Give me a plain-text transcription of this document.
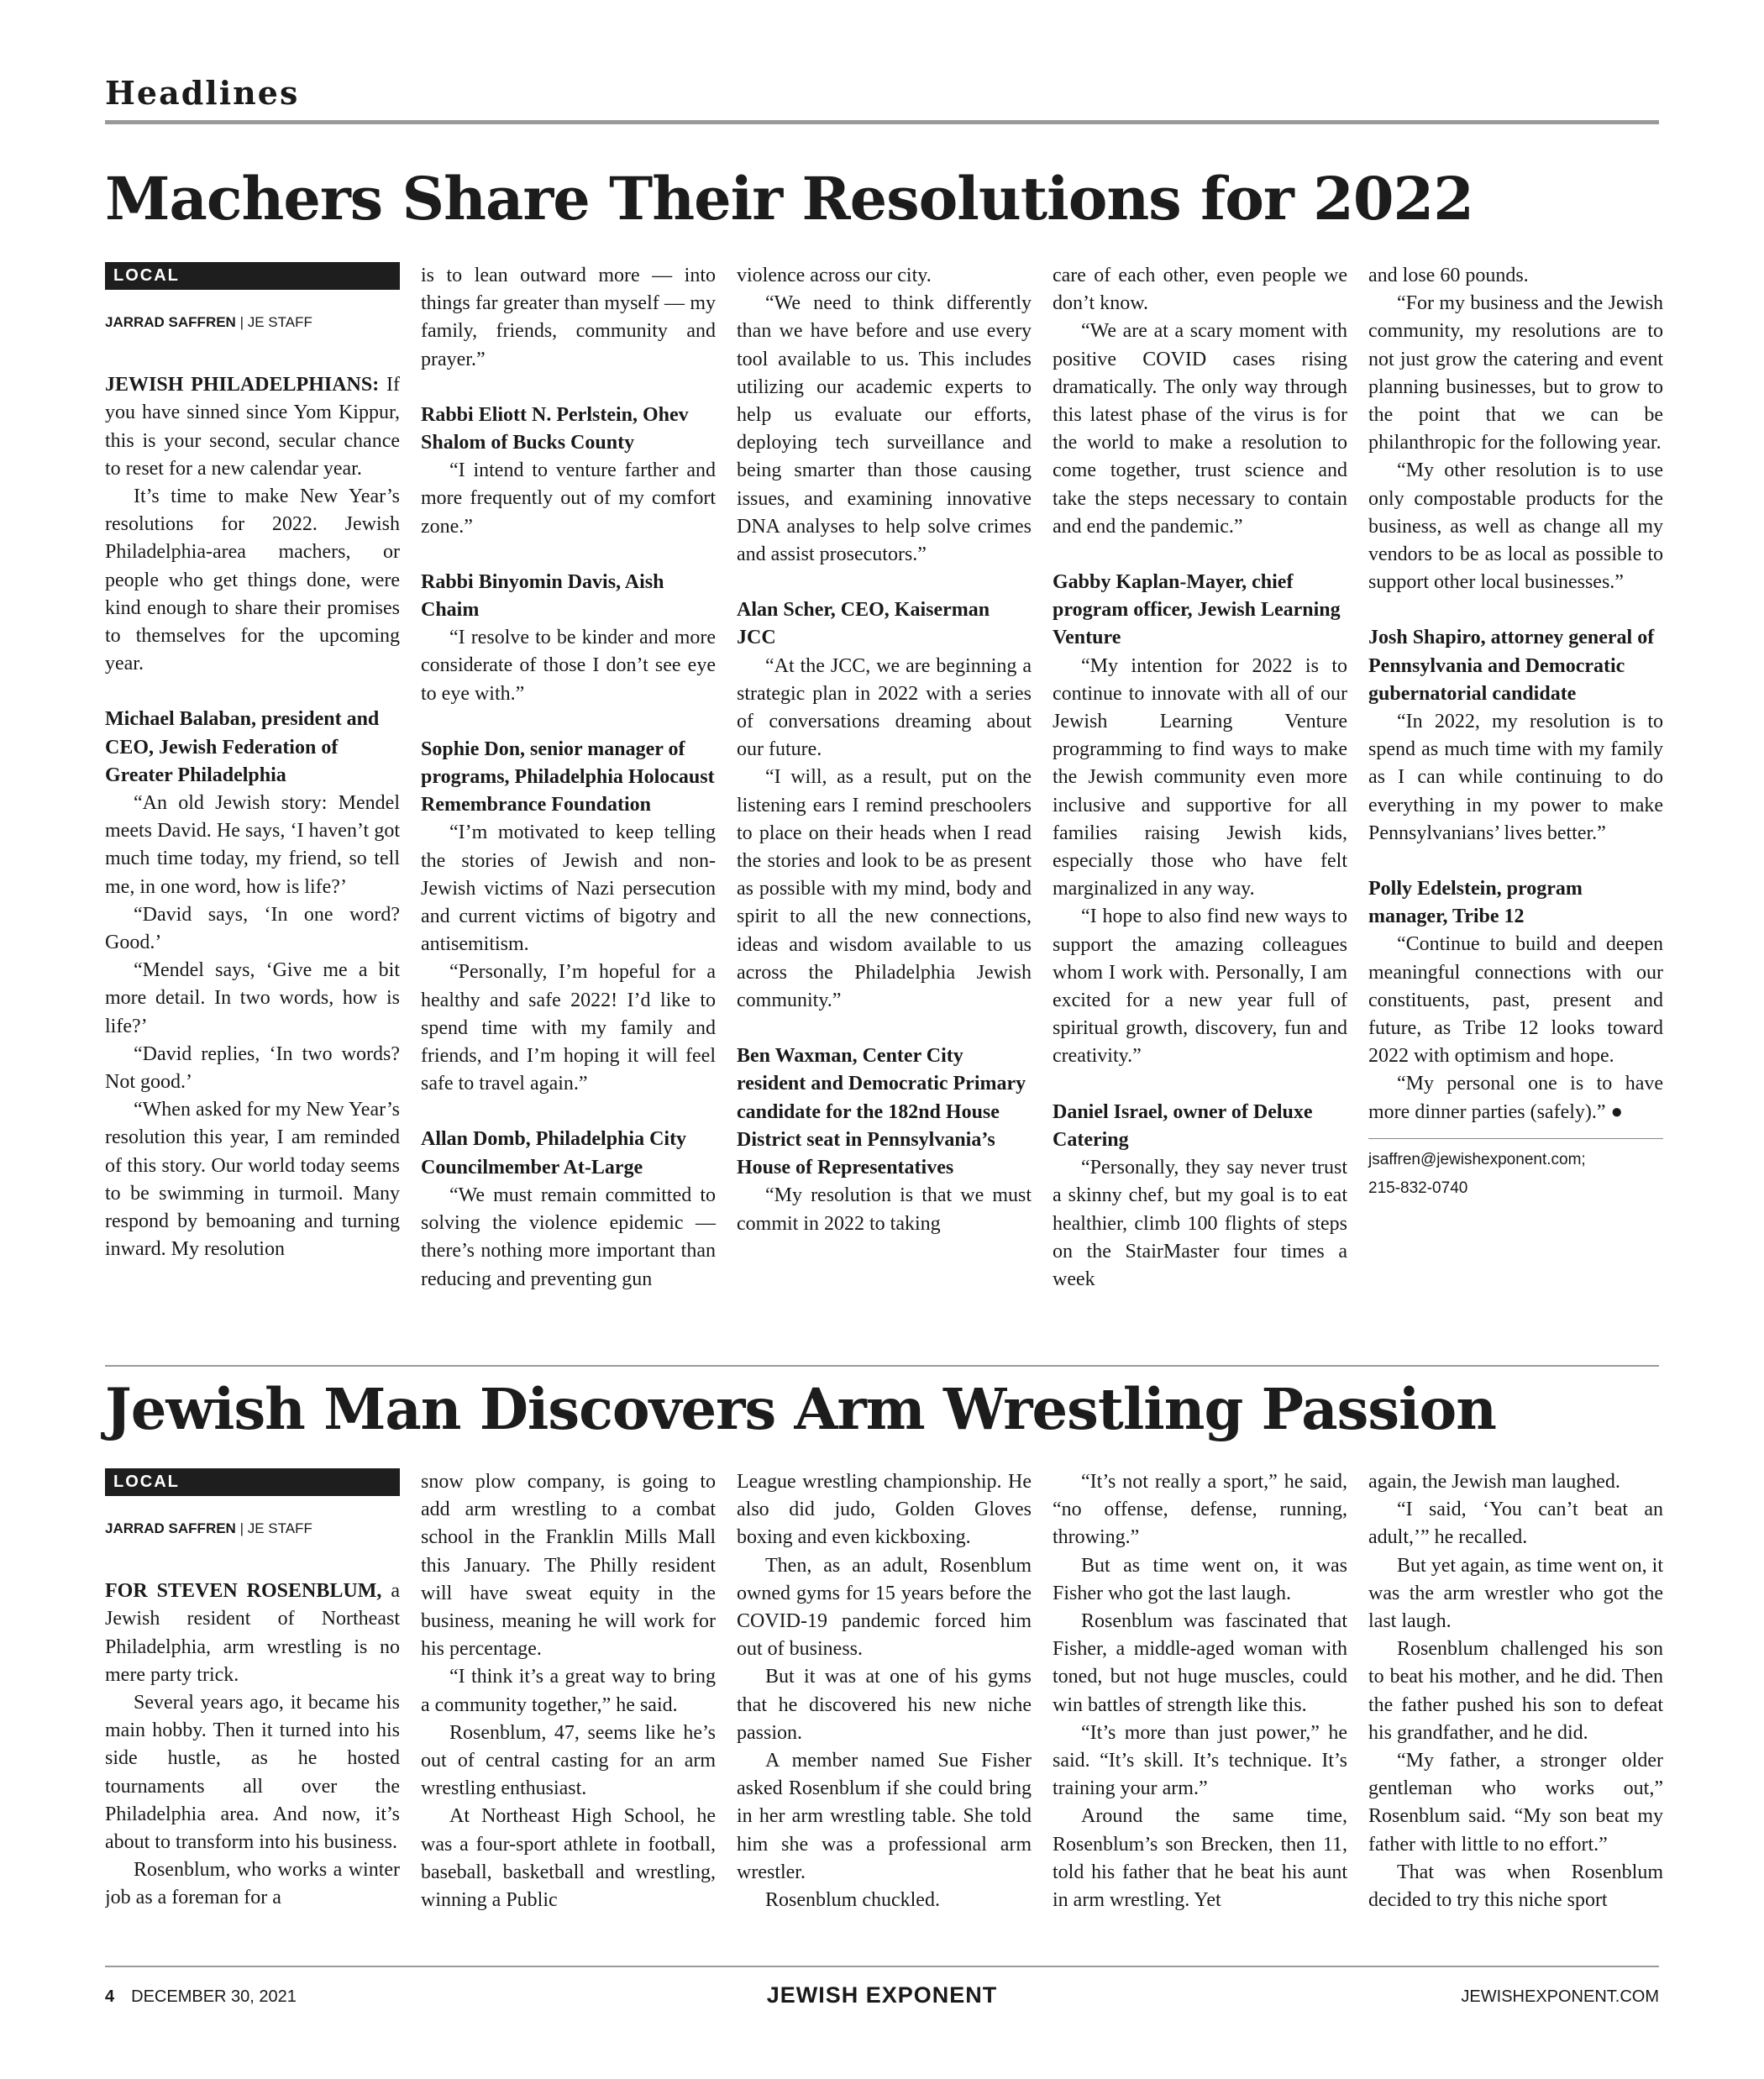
Headlines
Machers Share Their Resolutions for 2022
LOCAL
JARRAD SAFFREN | JE STAFF

JEWISH PHILADELPHIANS: If you have sinned since Yom Kippur, this is your second, secular chance to reset for a new calendar year.

It’s time to make New Year’s resolutions for 2022. Jewish Philadelphia-area machers, or people who get things done, were kind enough to share their promises to themselves for the upcoming year.

Michael Balaban, president and CEO, Jewish Federation of Greater Philadelphia

“An old Jewish story: Mendel meets David. He says, ‘I haven’t got much time today, my friend, so tell me, in one word, how is life?’

“David says, ‘In one word? Good.’

“Mendel says, ‘Give me a bit more detail. In two words, how is life?’

“David replies, ‘In two words? Not good.’

“When asked for my New Year’s resolution this year, I am reminded of this story. Our world today seems to be swimming in turmoil. Many respond by bemoaning and turning inward. My resolution

is to lean outward more — into things far greater than myself — my family, friends, community and prayer.”

Rabbi Eliott N. Perlstein, Ohev Shalom of Bucks County

“I intend to venture farther and more frequently out of my comfort zone.”

Rabbi Binyomin Davis, Aish Chaim

“I resolve to be kinder and more considerate of those I don’t see eye to eye with.”

Sophie Don, senior manager of programs, Philadelphia Holocaust Remembrance Foundation

“I’m motivated to keep telling the stories of Jewish and non-Jewish victims of Nazi persecution and current victims of bigotry and antisemitism.

“Personally, I’m hopeful for a healthy and safe 2022! I’d like to spend time with my family and friends, and I’m hoping it will feel safe to travel again.”

Allan Domb, Philadelphia City Councilmember At-Large

“We must remain committed to solving the violence epidemic — there’s nothing more important than reducing and preventing gun

violence across our city.

“We need to think differently than we have before and use every tool available to us. This includes utilizing our academic experts to help us evaluate our efforts, deploying tech surveillance and being smarter than those causing issues, and examining innovative DNA analyses to help solve crimes and assist prosecutors.”

Alan Scher, CEO, Kaiserman JCC

“At the JCC, we are beginning a strategic plan in 2022 with a series of conversations dreaming about our future.

“I will, as a result, put on the listening ears I remind preschoolers to place on their heads when I read the stories and look to be as present as possible with my mind, body and spirit to all the new connections, ideas and wisdom available to us across the Philadelphia Jewish community.”

Ben Waxman, Center City resident and Democratic Primary candidate for the 182nd House District seat in Pennsylvania’s House of Representatives

“My resolution is that we must commit in 2022 to taking

care of each other, even people we don’t know.

“We are at a scary moment with positive COVID cases rising dramatically. The only way through this latest phase of the virus is for the world to make a resolution to come together, trust science and take the steps necessary to contain and end the pandemic.”

Gabby Kaplan-Mayer, chief program officer, Jewish Learning Venture

“My intention for 2022 is to continue to innovate with all of our Jewish Learning Venture programming to find ways to make the Jewish community even more inclusive and supportive for all families raising Jewish kids, especially those who have felt marginalized in any way.

“I hope to also find new ways to support the amazing colleagues whom I work with. Personally, I am excited for a new year full of spiritual growth, discovery, fun and creativity.”

Daniel Israel, owner of Deluxe Catering

“Personally, they say never trust a skinny chef, but my goal is to eat healthier, climb 100 flights of steps on the StairMaster four times a week

and lose 60 pounds.

“For my business and the Jewish community, my resolutions are to not just grow the catering and event planning businesses, but to grow to the point that we can be philanthropic for the following year.

“My other resolution is to use only compostable products for the business, as well as change all my vendors to be as local as possible to support other local businesses.”

Josh Shapiro, attorney general of Pennsylvania and Democratic gubernatorial candidate

“In 2022, my resolution is to spend as much time with my family as I can while continuing to do everything in my power to make Pennsylvanians’ lives better.”

Polly Edelstein, program manager, Tribe 12

“Continue to build and deepen meaningful connections with our constituents, past, present and future, as Tribe 12 looks toward 2022 with optimism and hope.

“My personal one is to have more dinner parties (safely).” ●

jsaffren@jewishexponent.com;
215-832-0740
Jewish Man Discovers Arm Wrestling Passion
LOCAL
JARRAD SAFFREN | JE STAFF

FOR STEVEN ROSENBLUM, a Jewish resident of Northeast Philadelphia, arm wrestling is no mere party trick.

Several years ago, it became his main hobby. Then it turned into his side hustle, as he hosted tournaments all over the Philadelphia area. And now, it’s about to transform into his business.

Rosenblum, who works a winter job as a foreman for a

snow plow company, is going to add arm wrestling to a combat school in the Franklin Mills Mall this January. The Philly resident will have sweat equity in the business, meaning he will work for his percentage.

“I think it’s a great way to bring a community together,” he said.

Rosenblum, 47, seems like he’s out of central casting for an arm wrestling enthusiast.

At Northeast High School, he was a four-sport athlete in football, baseball, basketball and wrestling, winning a Public

League wrestling championship. He also did judo, Golden Gloves boxing and even kickboxing.

Then, as an adult, Rosenblum owned gyms for 15 years before the COVID-19 pandemic forced him out of business.

But it was at one of his gyms that he discovered his new niche passion.

A member named Sue Fisher asked Rosenblum if she could bring in her arm wrestling table. She told him she was a professional arm wrestler.

Rosenblum chuckled.

“It’s not really a sport,” he said, “no offense, defense, running, throwing.”

But as time went on, it was Fisher who got the last laugh.

Rosenblum was fascinated that Fisher, a middle-aged woman with toned, but not huge muscles, could win battles of strength like this.

“It’s more than just power,” he said. “It’s skill. It’s technique. It’s training your arm.”

Around the same time, Rosenblum’s son Brecken, then 11, told his father that he beat his aunt in arm wrestling. Yet

again, the Jewish man laughed.

“I said, ‘You can’t beat an adult,’” he recalled.

But yet again, as time went on, it was the arm wrestler who got the last laugh.

Rosenblum challenged his son to beat his mother, and he did. Then the father pushed his son to defeat his grandfather, and he did.

“My father, a stronger older gentleman who works out,” Rosenblum said. “My son beat my father with little to no effort.”

That was when Rosenblum decided to try this niche sport

4 DECEMBER 30, 2021	JEWISH EXPONENT	JEWISHEXPONENT.COM
